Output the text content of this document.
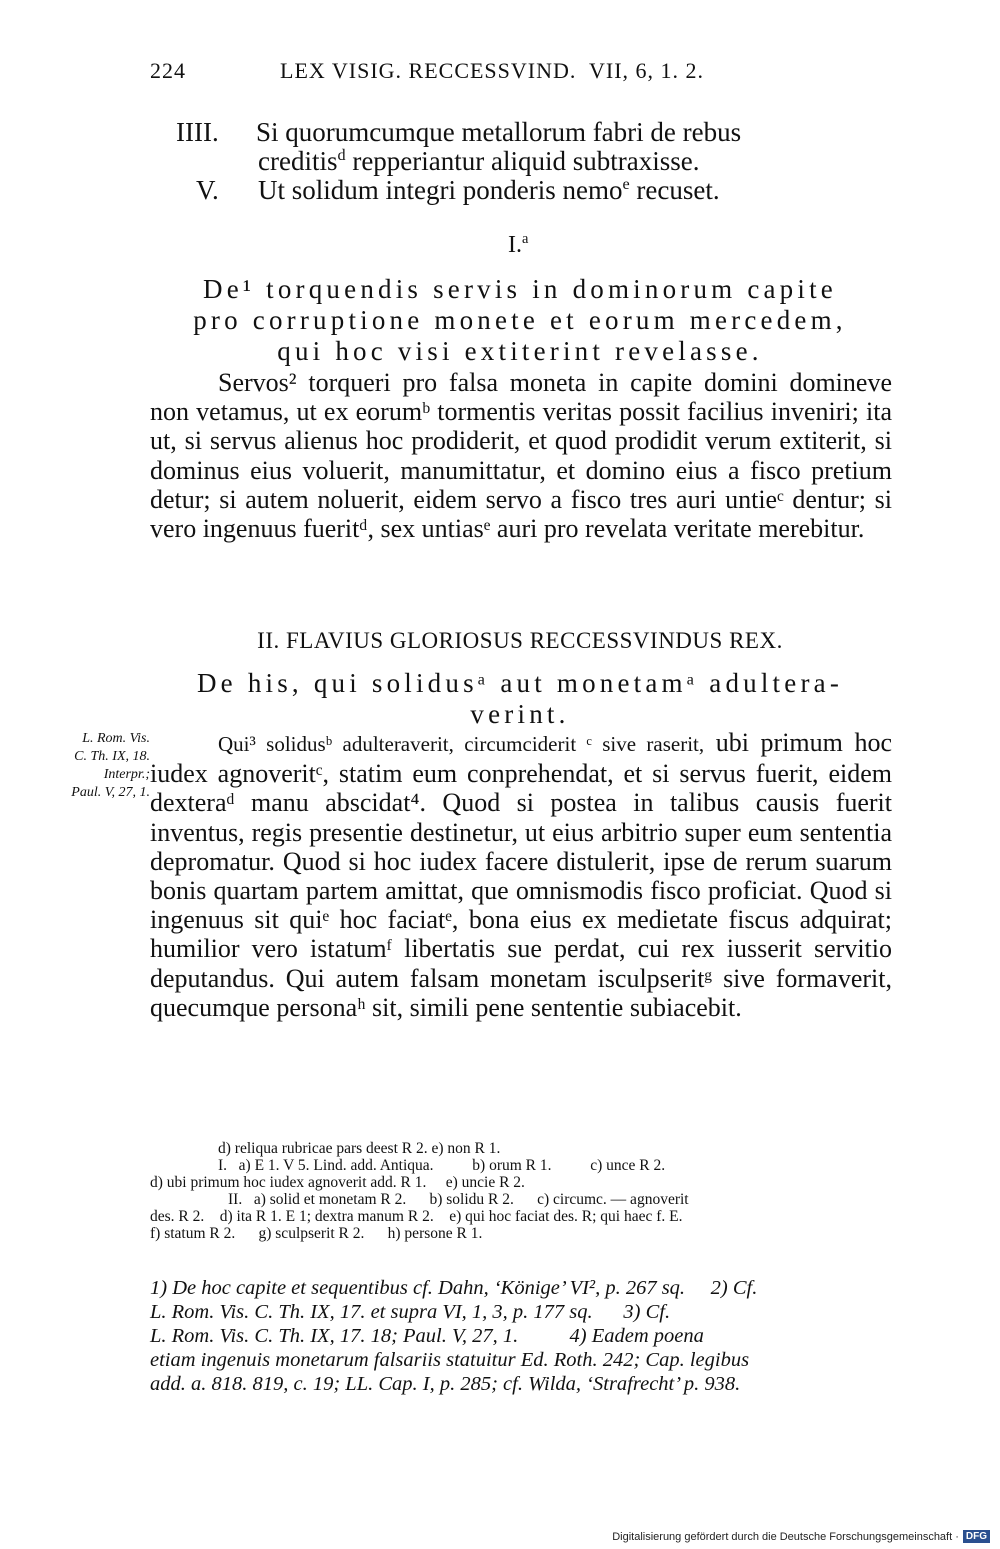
224	LEX VISIG. RECCESSVIND.  VII, 6, 1. 2.
IIII. Si quorumcumque metallorum fabri de rebus
creditis$^d$ repperiantur aliquid subtraxisse.
V. Ut solidum integri ponderis nemo$^e$ recuset.
I.$^a$
De¹ torquendis servis in dominorum capite
pro corruptione monete et eorum mercedem,
qui hoc visi extiterint revelasse.

Servos² torqueri pro falsa moneta in capite domini domineve non vetamus, ut ex eorumᵇ tormentis veritas possit facilius inveniri; ita ut, si servus alienus hoc prodiderit, et quod prodidit verum extiterit, si dominus eius voluerit, manumittatur, et domino eius a fisco pretium detur; si autem noluerit, eidem servo a fisco tres auri untieᶜ dentur; si vero ingenuus fueritᵈ, sex untiasᵉ auri pro revelata veritate merebitur.

II. FLAVIUS GLORIOSUS RECCESSVINDUS REX.
De his, qui solidusᵃ aut monetamᵃ adultera-
verint.
L. Rom. Vis.
C. Th. IX, 18.
Interpr.;
Paul. V, 27, 1.

Qui³ solidusᵇ adulteraverit, circumciderit ᶜ sive raserit, ubi primum hoc iudex agnoveritᶜ, statim eum conprehendat, et si servus fuerit, eidem dexteraᵈ manu abscidat⁴. Quod si postea in talibus causis fuerit inventus, regis presentie destinetur, ut eius arbitrio super eum sententia depromatur. Quod si hoc iudex facere distulerit, ipse de rerum suarum bonis quartam partem amittat, que omnismodis fisco proficiat. Quod si ingenuus sit quiᵉ hoc faciatᵉ, bona eius ex medietate fiscus adquirat; humilior vero istatumᶠ libertatis sue perdat, cui rex iusserit servitio deputandus. Qui autem falsam monetam isculpseritᵍ sive formaverit, quecumque personaʰ sit, simili pene sententie subiacebit.

d) reliqua rubricae pars deest R 2. e) non R 1.
I.   a) E 1. V 5. Lind. add. Antiqua.          b) orum R 1.          c) unce R 2.
d) ubi primum hoc iudex agnoverit add. R 1.     e) uncie R 2.
II.   a) solid et monetam R 2.      b) solidu R 2.      c) circumc. — agnoverit
des. R 2.    d) ita R 1. E 1; dextra manum R 2.    e) qui hoc faciat des. R; qui haec f. E.
f) statum R 2.      g) sculpserit R 2.      h) persone R 1.
1) De hoc capite et sequentibus cf. Dahn, ‘Könige’ VI², p. 267 sq.     2) Cf.
L. Rom. Vis. C. Th. IX, 17. et supra VI, 1, 3, p. 177 sq.      3) Cf.
L. Rom. Vis. C. Th. IX, 17. 18; Paul. V, 27, 1.          4) Eadem poena
etiam ingenuis monetarum falsariis statuitur Ed. Roth. 242; Cap. legibus
add. a. 818. 819, c. 19; LL. Cap. I, p. 285; cf. Wilda, ‘Strafrecht’ p. 938.
Digitalisierung gefördert durch die Deutsche Forschungsgemeinschaft · DFG
